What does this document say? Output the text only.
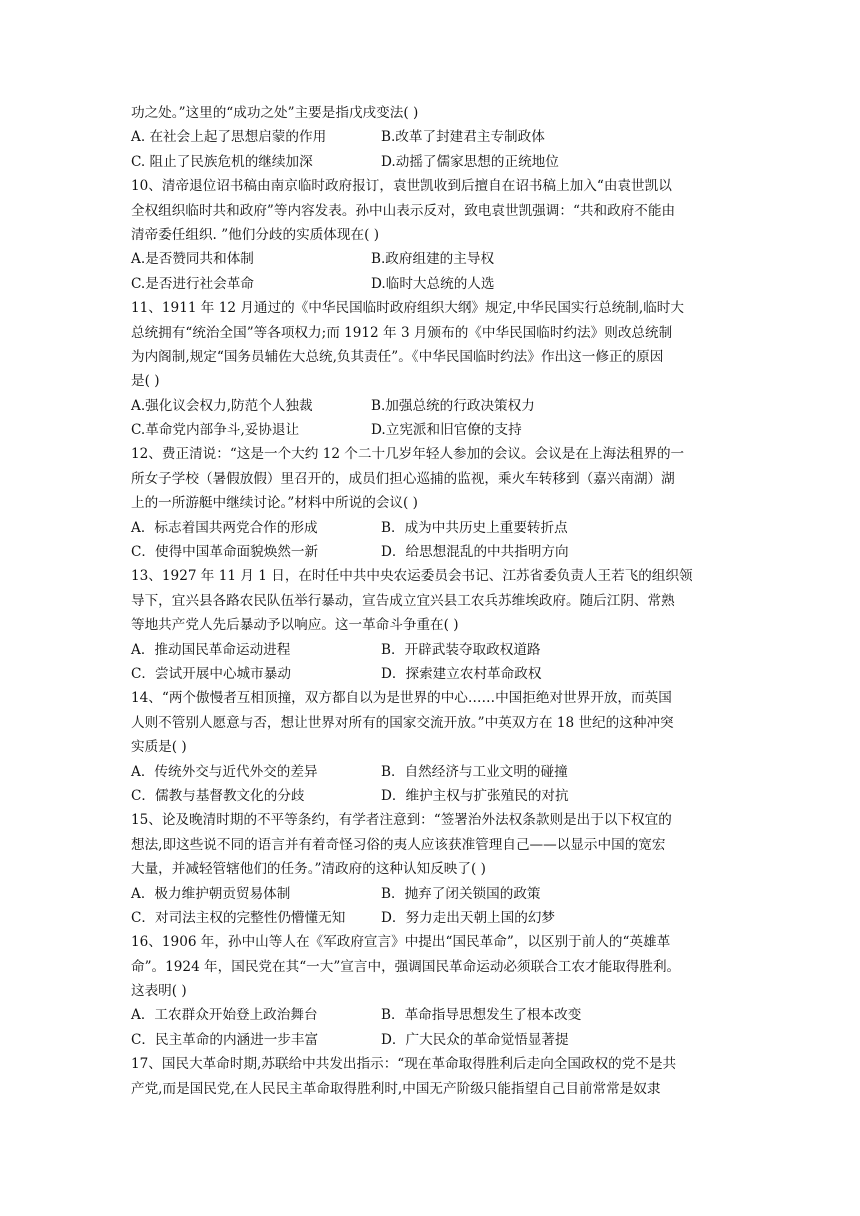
功之处。”这里的“成功之处”主要是指戊戌变法( )
A. 在社会上起了思想启蒙的作用	B.改革了封建君主专制政体
C. 阻止了民族危机的继续加深	D.动摇了儒家思想的正统地位
10、清帝退位诏书稿由南京临时政府报订，袁世凯收到后擅自在诏书稿上加入“由袁世凯以
全权组织临时共和政府”等内容发表。孙中山表示反对，致电袁世凯强调：“共和政府不能由
清帝委任组织. ”他们分歧的实质体现在( )
A.是否赞同共和体制	B.政府组建的主导权
C.是否进行社会革命	D.临时大总统的人选
11、1911 年 12 月通过的《中华民国临时政府组织大纲》规定,中华民国实行总统制,临时大
总统拥有“统治全国”等各项权力;而 1912 年 3 月颁布的《中华民国临时约法》则改总统制
为内阁制,规定“国务员辅佐大总统,负其责任”。《中华民国临时约法》作出这一修正的原因
是( )
A.强化议会权力,防范个人独裁	B.加强总统的行政决策权力
C.革命党内部争斗,妥协退让	D.立宪派和旧官僚的支持
12、费正清说：“这是一个大约 12 个二十几岁年轻人参加的会议。会议是在上海法租界的一
所女子学校（暑假放假）里召开的，成员们担心巡捕的监视，乘火车转移到（嘉兴南湖）湖
上的一所游艇中继续讨论。”材料中所说的会议( )
A．标志着国共两党合作的形成	B．成为中共历史上重要转折点
C．使得中国革命面貌焕然一新	D．给思想混乱的中共指明方向
13、1927 年 11 月 1 日，在时任中共中央农运委员会书记、江苏省委负责人王若飞的组织领
导下，宜兴县各路农民队伍举行暴动，宣告成立宜兴县工农兵苏维埃政府。随后江阴、常熟
等地共产党人先后暴动予以响应。这一革命斗争重在( )
A．推动国民革命运动进程	B．开辟武装夺取政权道路
C．尝试开展中心城市暴动	D．探索建立农村革命政权
14、“两个傲慢者互相顶撞，双方都自以为是世界的中心……中国拒绝对世界开放，而英国
人则不管别人愿意与否，想让世界对所有的国家交流开放。”中英双方在 18 世纪的这种冲突
实质是( )
A．传统外交与近代外交的差异	B．自然经济与工业文明的碰撞
C．儒教与基督教文化的分歧	D．维护主权与扩张殖民的对抗
15、论及晚清时期的不平等条约，有学者注意到：“签署治外法权条款则是出于以下权宜的
想法,即这些说不同的语言并有着奇怪习俗的夷人应该获准管理自己——以显示中国的宽宏
大量，并减轻管辖他们的任务。”清政府的这种认知反映了( )
A．极力维护朝贡贸易体制	B．抛弃了闭关锁国的政策
C．对司法主权的完整性仍懵懂无知	D．努力走出天朝上国的幻梦
16、1906 年，孙中山等人在《军政府宣言》中提出“国民革命”，以区别于前人的“英雄革
命”。1924 年，国民党在其“一大”宣言中，强调国民革命运动必须联合工农才能取得胜利。
这表明( )
A．工农群众开始登上政治舞台	B．革命指导思想发生了根本改变
C．民主革命的内涵进一步丰富	D．广大民众的革命觉悟显著提
17、国民大革命时期,苏联给中共发出指示：“现在革命取得胜利后走向全国政权的党不是共
产党,而是国民党,在人民民主革命取得胜利时,中国无产阶级只能指望自己目前常常是奴隶
